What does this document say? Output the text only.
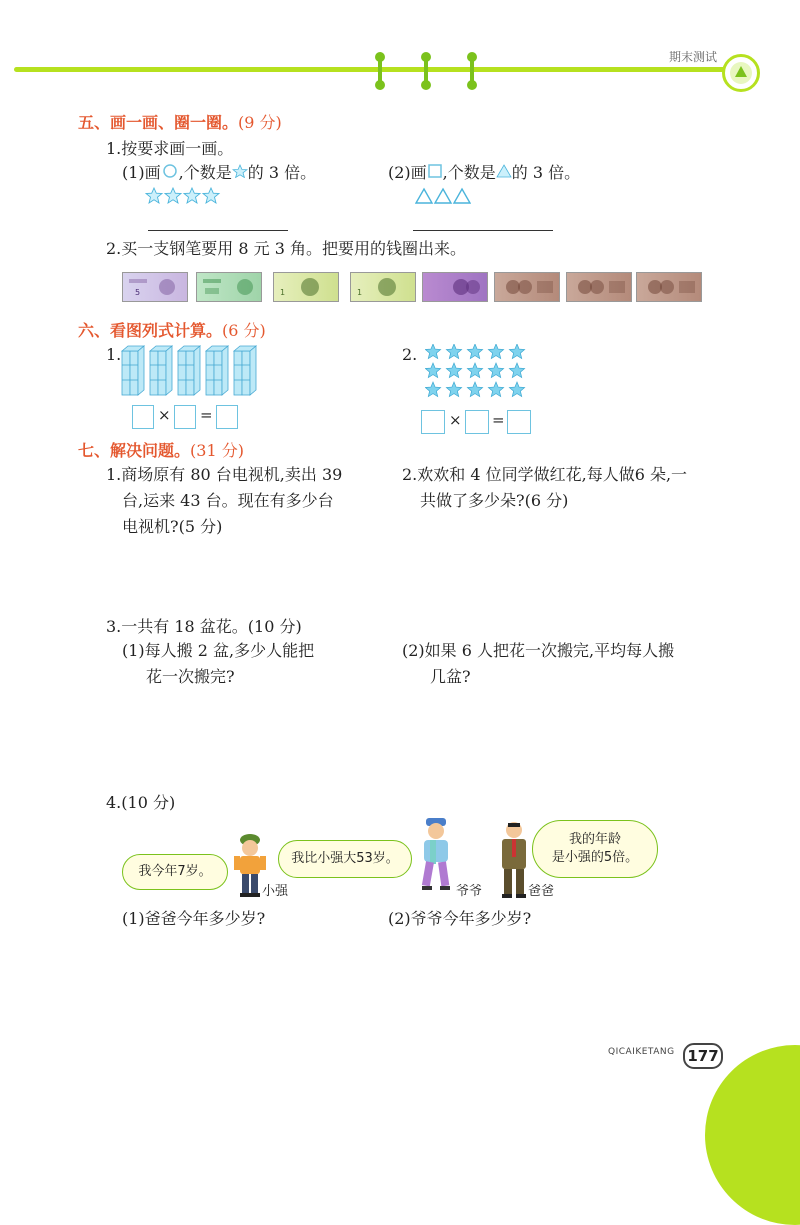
期末测试
五、画一画、圈一圈。(9 分)
1.按要求画一画。
(1)画 ,个数是 的 3 倍。	(2)画 ,个数是 的 3 倍。
2.买一支钢笔要用 8 元 3 角。把要用的钱圈出来。
5	1	1
六、看图列式计算。(6 分)
1.
× =
2.
× =
七、解决问题。(31 分)
1.商场原有 80 台电视机,卖出 39
台,运来 43 台。现在有多少台
电视机?(5 分)
2.欢欢和 4 位同学做红花,每人做6 朵,一
共做了多少朵?(6 分)
3.一共有 18 盆花。(10 分)
(1)每人搬 2 盆,多少人能把
花一次搬完?
(2)如果 6 人把花一次搬完,平均每人搬
几盆?
4.(10 分)
我今年7岁。
小强
我比小强大53岁。
爷爷	爸爸
我的年龄
是小强的5倍。
(1)爸爸今年多少岁?	(2)爷爷今年多少岁?
QICAIKETANG 177
